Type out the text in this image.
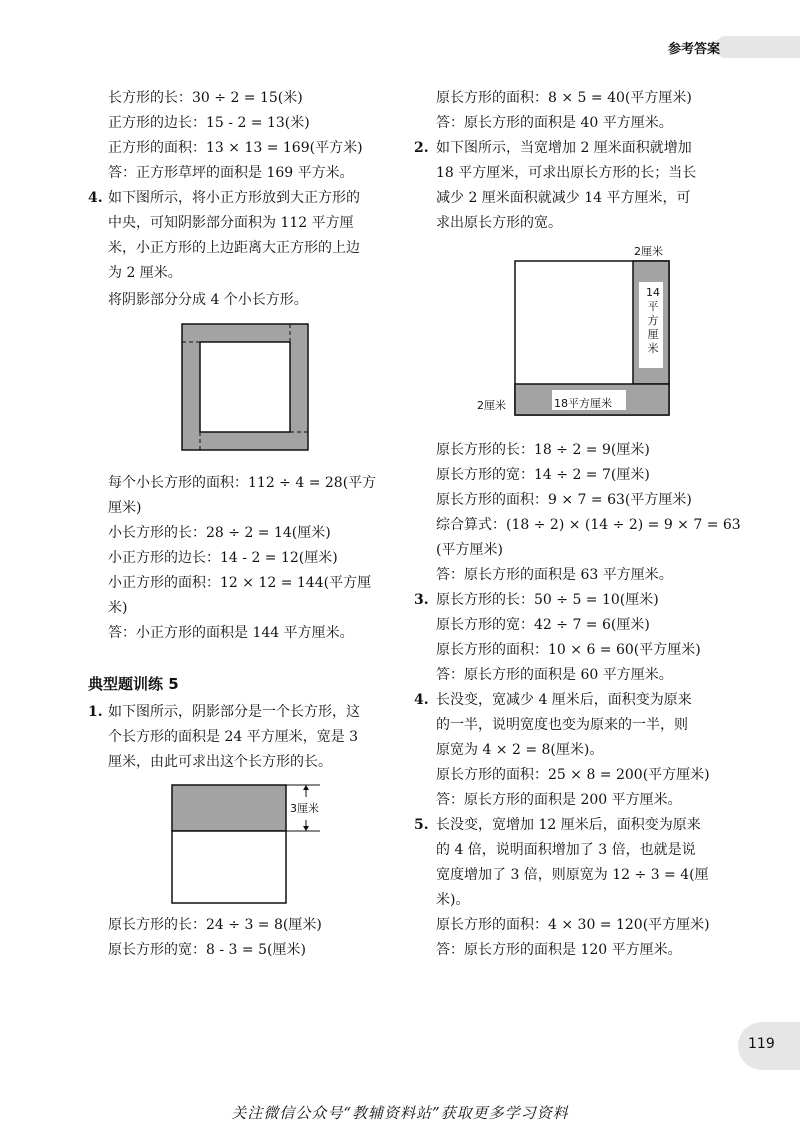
参考答案
长方形的长：30 ÷ 2 = 15(米)
正方形的边长：15 - 2 = 13(米)
正方形的面积：13 × 13 = 169(平方米)
答：正方形草坪的面积是 169 平方米。
4. 如下图所示，将小正方形放到大正方形的
中央，可知阴影部分面积为 112 平方厘
米，小正方形的上边距离大正方形的上边
为 2 厘米。
将阴影部分分成 4 个小长方形。
每个小长方形的面积：112 ÷ 4 = 28(平方
厘米)
小长方形的长：28 ÷ 2 = 14(厘米)
小正方形的边长：14 - 2 = 12(厘米)
小正方形的面积：12 × 12 = 144(平方厘
米)
答：小正方形的面积是 144 平方厘米。
典型题训练 5
1. 如下图所示，阴影部分是一个长方形，这
个长方形的面积是 24 平方厘米，宽是 3
厘米，由此可求出这个长方形的长。
3厘米
原长方形的长：24 ÷ 3 = 8(厘米)
原长方形的宽：8 - 3 = 5(厘米)
原长方形的面积：8 × 5 = 40(平方厘米)
答：原长方形的面积是 40 平方厘米。
2. 如下图所示，当宽增加 2 厘米面积就增加
18 平方厘米，可求出原长方形的长；当长
减少 2 厘米面积就减少 14 平方厘米，可
求出原长方形的宽。
2厘米
2厘米	18平方厘米
14
平
方
厘
米
原长方形的长：18 ÷ 2 = 9(厘米)
原长方形的宽：14 ÷ 2 = 7(厘米)
原长方形的面积：9 × 7 = 63(平方厘米)
综合算式：(18 ÷ 2) × (14 ÷ 2) = 9 × 7 = 63
(平方厘米)
答：原长方形的面积是 63 平方厘米。
3. 原长方形的长：50 ÷ 5 = 10(厘米)
原长方形的宽：42 ÷ 7 = 6(厘米)
原长方形的面积：10 × 6 = 60(平方厘米)
答：原长方形的面积是 60 平方厘米。
4. 长没变，宽减少 4 厘米后，面积变为原来
的一半，说明宽度也变为原来的一半，则
原宽为 4 × 2 = 8(厘米)。
原长方形的面积：25 × 8 = 200(平方厘米)
答：原长方形的面积是 200 平方厘米。
5. 长没变，宽增加 12 厘米后，面积变为原来
的 4 倍，说明面积增加了 3 倍，也就是说
宽度增加了 3 倍，则原宽为 12 ÷ 3 = 4(厘
米)。
原长方形的面积：4 × 30 = 120(平方厘米)
答：原长方形的面积是 120 平方厘米。
119
关注微信公众号“教辅资料站”获取更多学习资料
